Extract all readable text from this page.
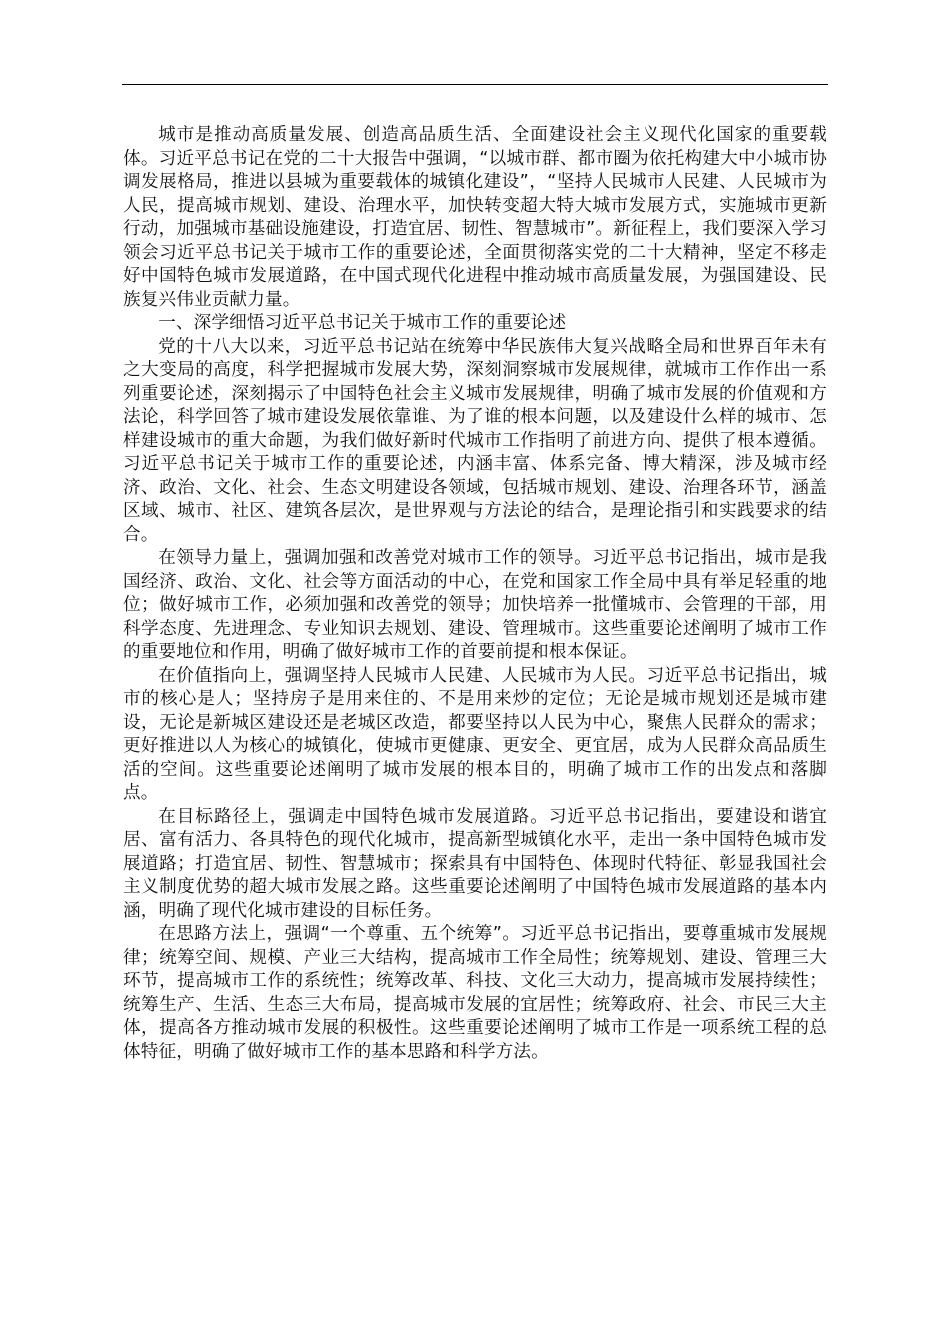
城市是推动高质量发展、创造高品质生活、全面建设社会主义现代化国家的重要载体。习近平总书记在党的二十大报告中强调，“以城市群、都市圈为依托构建大中小城市协调发展格局，推进以县城为重要载体的城镇化建设”，“坚持人民城市人民建、人民城市为人民，提高城市规划、建设、治理水平，加快转变超大特大城市发展方式，实施城市更新行动，加强城市基础设施建设，打造宜居、韧性、智慧城市”。新征程上，我们要深入学习领会习近平总书记关于城市工作的重要论述，全面贯彻落实党的二十大精神，坚定不移走好中国特色城市发展道路，在中国式现代化进程中推动城市高质量发展，为强国建设、民族复兴伟业贡献力量。

一、深学细悟习近平总书记关于城市工作的重要论述

党的十八大以来，习近平总书记站在统筹中华民族伟大复兴战略全局和世界百年未有之大变局的高度，科学把握城市发展大势，深刻洞察城市发展规律，就城市工作作出一系列重要论述，深刻揭示了中国特色社会主义城市发展规律，明确了城市发展的价值观和方法论，科学回答了城市建设发展依靠谁、为了谁的根本问题，以及建设什么样的城市、怎样建设城市的重大命题，为我们做好新时代城市工作指明了前进方向、提供了根本遵循。习近平总书记关于城市工作的重要论述，内涵丰富、体系完备、博大精深，涉及城市经济、政治、文化、社会、生态文明建设各领域，包括城市规划、建设、治理各环节，涵盖区域、城市、社区、建筑各层次，是世界观与方法论的结合，是理论指引和实践要求的结合。

在领导力量上，强调加强和改善党对城市工作的领导。习近平总书记指出，城市是我国经济、政治、文化、社会等方面活动的中心，在党和国家工作全局中具有举足轻重的地位；做好城市工作，必须加强和改善党的领导；加快培养一批懂城市、会管理的干部，用科学态度、先进理念、专业知识去规划、建设、管理城市。这些重要论述阐明了城市工作的重要地位和作用，明确了做好城市工作的首要前提和根本保证。

在价值指向上，强调坚持人民城市人民建、人民城市为人民。习近平总书记指出，城市的核心是人；坚持房子是用来住的、不是用来炒的定位；无论是城市规划还是城市建设，无论是新城区建设还是老城区改造，都要坚持以人民为中心，聚焦人民群众的需求；更好推进以人为核心的城镇化，使城市更健康、更安全、更宜居，成为人民群众高品质生活的空间。这些重要论述阐明了城市发展的根本目的，明确了城市工作的出发点和落脚点。

在目标路径上，强调走中国特色城市发展道路。习近平总书记指出，要建设和谐宜居、富有活力、各具特色的现代化城市，提高新型城镇化水平，走出一条中国特色城市发展道路；打造宜居、韧性、智慧城市；探索具有中国特色、体现时代特征、彰显我国社会主义制度优势的超大城市发展之路。这些重要论述阐明了中国特色城市发展道路的基本内涵，明确了现代化城市建设的目标任务。

在思路方法上，强调“一个尊重、五个统筹”。习近平总书记指出，要尊重城市发展规律；统筹空间、规模、产业三大结构，提高城市工作全局性；统筹规划、建设、管理三大环节，提高城市工作的系统性；统筹改革、科技、文化三大动力，提高城市发展持续性；统筹生产、生活、生态三大布局，提高城市发展的宜居性；统筹政府、社会、市民三大主体，提高各方推动城市发展的积极性。这些重要论述阐明了城市工作是一项系统工程的总体特征，明确了做好城市工作的基本思路和科学方法。
